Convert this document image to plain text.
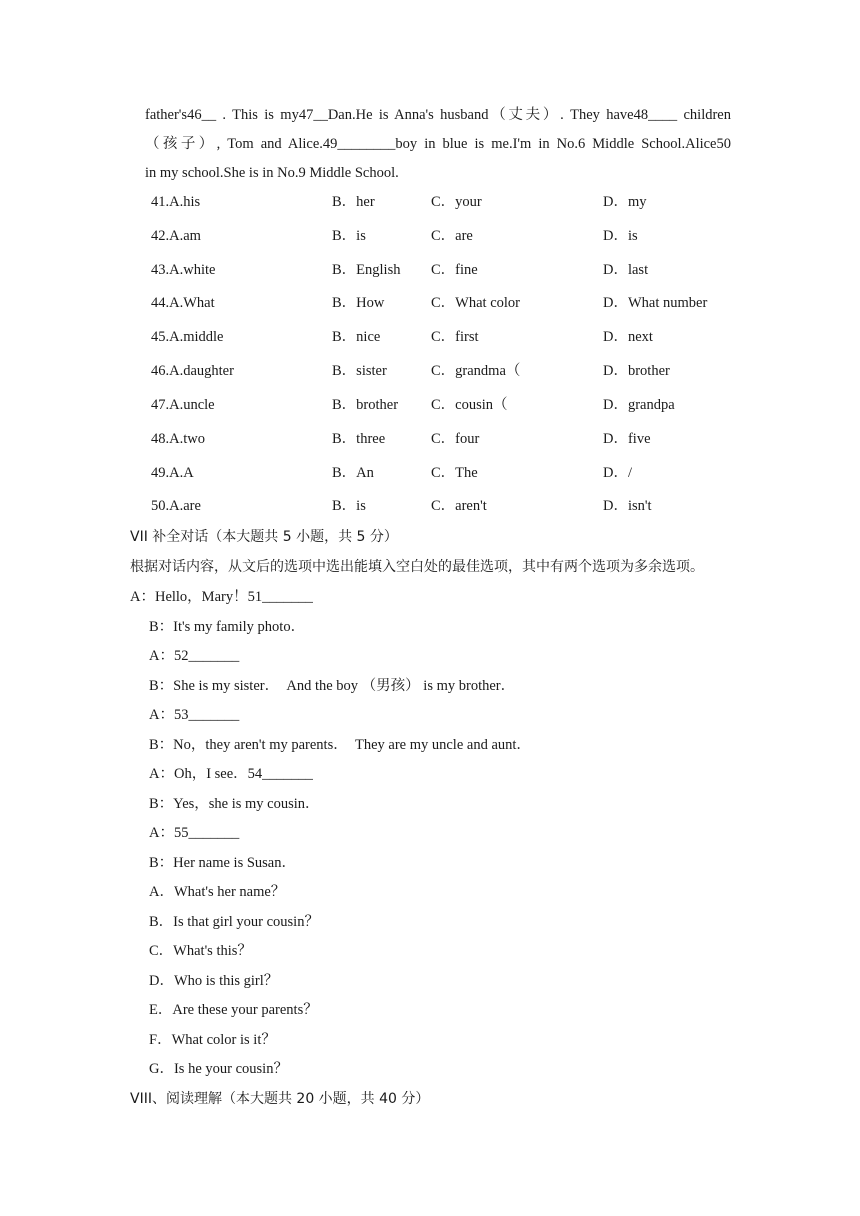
father's46__ . This is my47__Dan.He is Anna's husband（丈夫）. They have48____ children
（孩子）, Tom and Alice.49________boy in blue is me.I'm in No.6 Middle School.Alice50
in my school.She is in No.9 Middle School.
41.A.his	B．her	C．your	D．my
42.A.am	B．is	C．are	D．is
43.A.white	B．English C．fine	D．last
44.A.What	B．How	C．What color	D．What number
45.A.middle	B．nice	C．first	D．next
46.A.daughter	B．sister	C．grandma（	D．brother
47.A.uncle	B．brother C．cousin（	D．grandpa
48.A.two	B．three	C．four	D．five
49.A.A	B．An	C．The	D．/
50.A.are	B．is	C．aren't	D．isn't
VII 补全对话（本大题共 5 小题，共 5 分）
根据对话内容，从文后的选项中选出能填入空白处的最佳选项，其中有两个选项为多余选项。
A：Hello，Mary！51_______
B：It's my family photo．
A：52_______
B：She is my sister．　And the boy （男孩） is my brother．
A：53_______
B：No，they aren't my parents．　They are my uncle and aunt．
A：Oh，I see．54_______
B：Yes，she is my cousin．
A：55_______
B：Her name is Susan．
A．What's her name？
B．Is that girl your cousin？
C．What's this？
D．Who is this girl？
E．Are these your parents？
F．What color is it？
G．Is he your cousin？
VIII、阅读理解（本大题共 20 小题，共 40 分）
